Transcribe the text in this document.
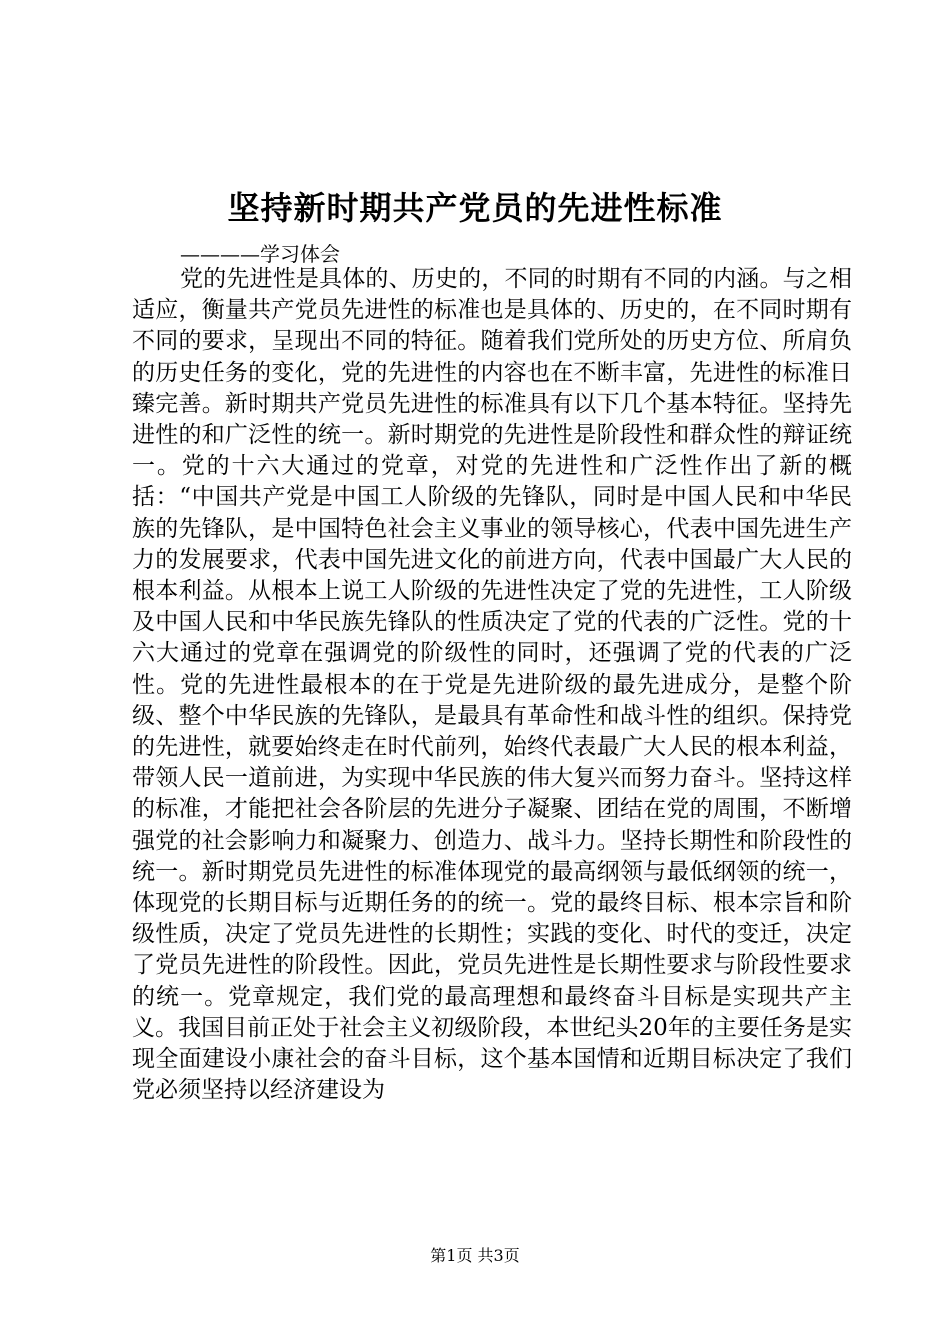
坚持新时期共产党员的先进性标准
————学习体会

党的先进性是具体的、历史的，不同的时期有不同的内涵。与之相适应，衡量共产党员先进性的标准也是具体的、历史的，在不同时期有不同的要求，呈现出不同的特征。随着我们党所处的历史方位、所肩负的历史任务的变化，党的先进性的内容也在不断丰富，先进性的标准日臻完善。新时期共产党员先进性的标准具有以下几个基本特征。坚持先进性的和广泛性的统一。新时期党的先进性是阶段性和群众性的辩证统一。党的十六大通过的党章，对党的先进性和广泛性作出了新的概括：“中国共产党是中国工人阶级的先锋队，同时是中国人民和中华民族的先锋队，是中国特色社会主义事业的领导核心，代表中国先进生产力的发展要求，代表中国先进文化的前进方向，代表中国最广大人民的根本利益。从根本上说工人阶级的先进性决定了党的先进性，工人阶级及中国人民和中华民族先锋队的性质决定了党的代表的广泛性。党的十六大通过的党章在强调党的阶级性的同时，还强调了党的代表的广泛性。党的先进性最根本的在于党是先进阶级的最先进成分，是整个阶级、整个中华民族的先锋队，是最具有革命性和战斗性的组织。保持党的先进性，就要始终走在时代前列，始终代表最广大人民的根本利益，带领人民一道前进，为实现中华民族的伟大复兴而努力奋斗。坚持这样的标准，才能把社会各阶层的先进分子凝聚、团结在党的周围，不断增强党的社会影响力和凝聚力、创造力、战斗力。坚持长期性和阶段性的统一。新时期党员先进性的标准体现党的最高纲领与最低纲领的统一，体现党的长期目标与近期任务的的统一。党的最终目标、根本宗旨和阶级性质，决定了党员先进性的长期性；实践的变化、时代的变迁，决定了党员先进性的阶段性。因此，党员先进性是长期性要求与阶段性要求的统一。党章规定，我们党的最高理想和最终奋斗目标是实现共产主义。我国目前正处于社会主义初级阶段，本世纪头20年的主要任务是实现全面建设小康社会的奋斗目标，这个基本国情和近期目标决定了我们党必须坚持以经济建设为

第1页 共3页
